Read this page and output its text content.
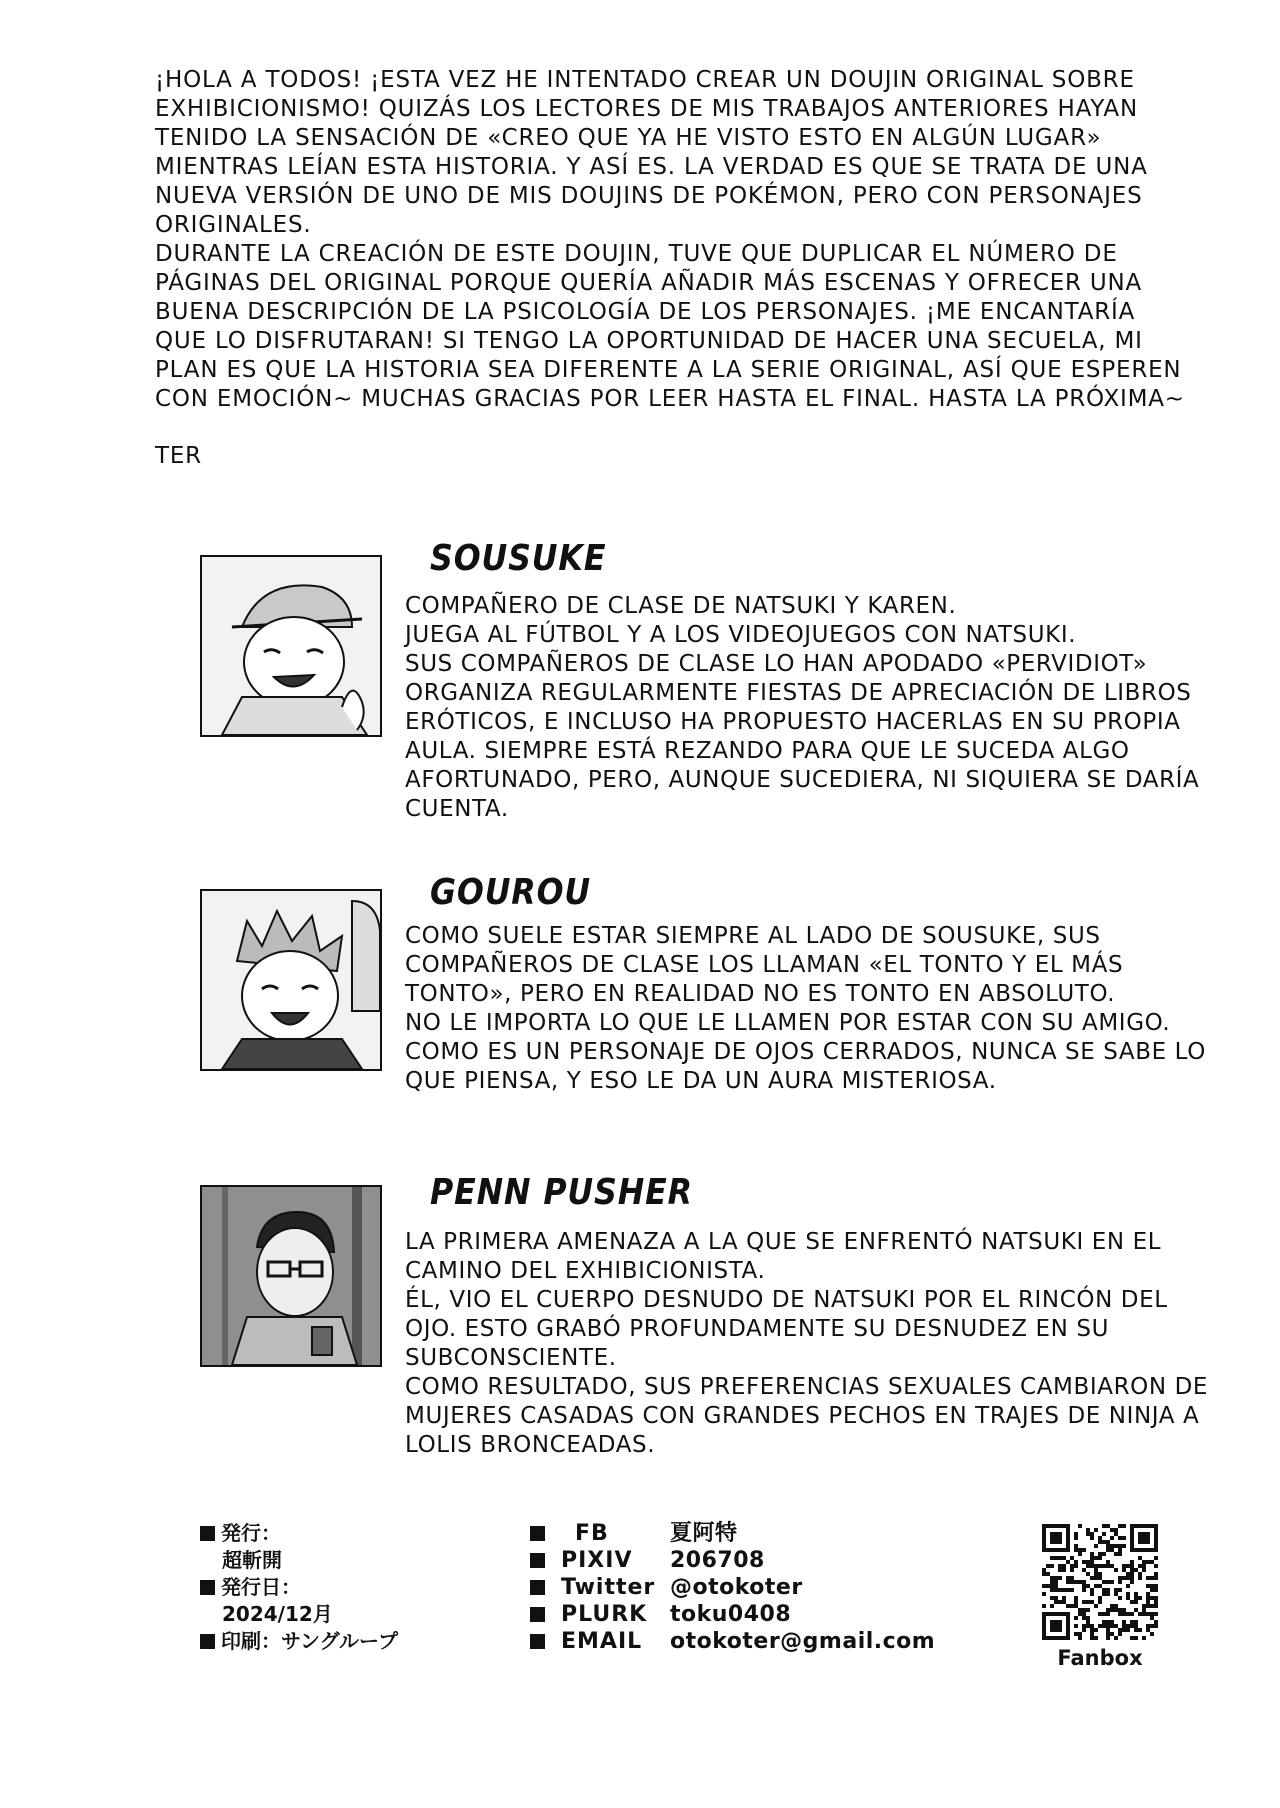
¡HOLA A TODOS! ¡ESTA VEZ HE INTENTADO CREAR UN DOUJIN ORIGINAL SOBRE EXHIBICIONISMO! QUIZÁS LOS LECTORES DE MIS TRABAJOS ANTERIORES HAYAN TENIDO LA SENSACIÓN DE «CREO QUE YA HE VISTO ESTO EN ALGÚN LUGAR» MIENTRAS LEÍAN ESTA HISTORIA. Y ASÍ ES. LA VERDAD ES QUE SE TRATA DE UNA NUEVA VERSIÓN DE UNO DE MIS DOUJINS DE POKÉMON, PERO CON PERSONAJES ORIGINALES.

DURANTE LA CREACIÓN DE ESTE DOUJIN, TUVE QUE DUPLICAR EL NÚMERO DE PÁGINAS DEL ORIGINAL PORQUE QUERÍA AÑADIR MÁS ESCENAS Y OFRECER UNA BUENA DESCRIPCIÓN DE LA PSICOLOGÍA DE LOS PERSONAJES. ¡ME ENCANTARÍA QUE LO DISFRUTARAN! SI TENGO LA OPORTUNIDAD DE HACER UNA SECUELA, MI PLAN ES QUE LA HISTORIA SEA DIFERENTE A LA SERIE ORIGINAL, ASÍ QUE ESPEREN CON EMOCIÓN~ MUCHAS GRACIAS POR LEER HASTA EL FINAL. HASTA LA PRÓXIMA~

TER

SOUSUKE

COMPAÑERO DE CLASE DE NATSUKI Y KAREN.

JUEGA AL FÚTBOL Y A LOS VIDEOJUEGOS CON NATSUKI.

SUS COMPAÑEROS DE CLASE LO HAN APODADO «PERVIDIOT» ORGANIZA REGULARMENTE FIESTAS DE APRECIACIÓN DE LIBROS ERÓTICOS, E INCLUSO HA PROPUESTO HACERLAS EN SU PROPIA AULA. SIEMPRE ESTÁ REZANDO PARA QUE LE SUCEDA ALGO AFORTUNADO, PERO, AUNQUE SUCEDIERA, NI SIQUIERA SE DARÍA CUENTA.

GOUROU

COMO SUELE ESTAR SIEMPRE AL LADO DE SOUSUKE, SUS COMPAÑEROS DE CLASE LOS LLAMAN «EL TONTO Y EL MÁS TONTO», PERO EN REALIDAD NO ES TONTO EN ABSOLUTO.

NO LE IMPORTA LO QUE LE LLAMEN POR ESTAR CON SU AMIGO.

COMO ES UN PERSONAJE DE OJOS CERRADOS, NUNCA SE SABE LO QUE PIENSA, Y ESO LE DA UN AURA MISTERIOSA.

PENN PUSHER

LA PRIMERA AMENAZA A LA QUE SE ENFRENTÓ NATSUKI EN EL CAMINO DEL EXHIBICIONISTA.

ÉL, VIO EL CUERPO DESNUDO DE NATSUKI POR EL RINCÓN DEL OJO. ESTO GRABÓ PROFUNDAMENTE SU DESNUDEZ EN SU SUBCONSCIENTE.

COMO RESULTADO, SUS PREFERENCIAS SEXUALES CAMBIARON DE MUJERES CASADAS CON GRANDES PECHOS EN TRAJES DE NINJA A LOLIS BRONCEADAS.

発行：
超斬開
発行日：
2024/12月
印刷：サングループ
FB	夏阿特
PIXIV 206708
Twitter @otokoter
PLURK toku0408
EMAIL otokoter@gmail.com
Fanbox
